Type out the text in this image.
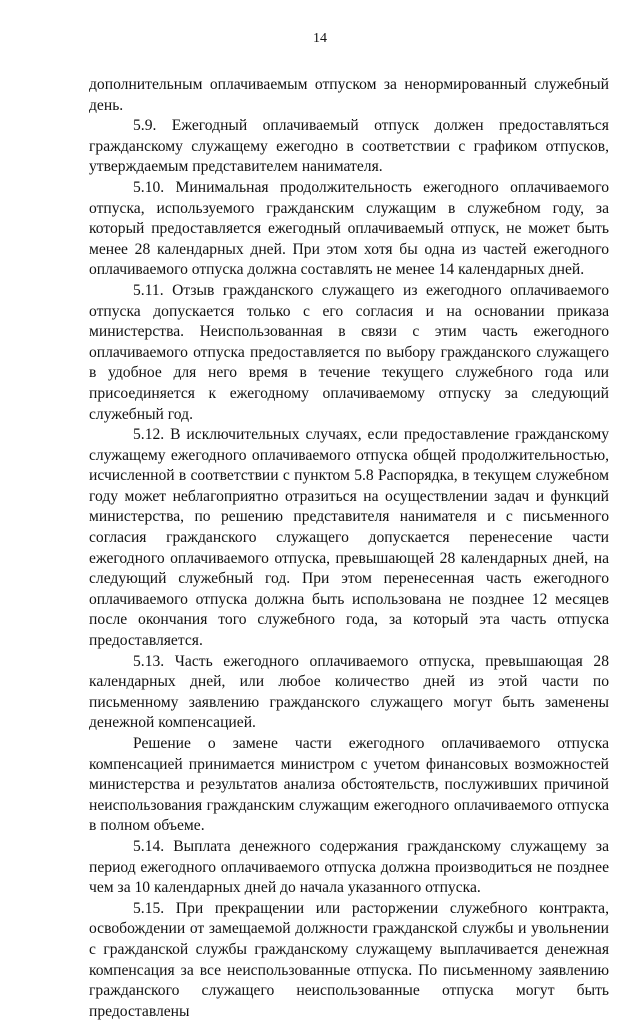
14

дополнительным оплачиваемым отпуском за ненормированный служебный день.

5.9. Ежегодный оплачиваемый отпуск должен предоставляться гражданскому служащему ежегодно в соответствии с графиком отпусков, утверждаемым представителем нанимателя.

5.10. Минимальная продолжительность ежегодного оплачиваемого отпуска, используемого гражданским служащим в служебном году, за который предоставляется ежегодный оплачиваемый отпуск, не может быть менее 28 календарных дней. При этом хотя бы одна из частей ежегодного оплачиваемого отпуска должна составлять не менее 14 календарных дней.

5.11. Отзыв гражданского служащего из ежегодного оплачиваемого отпуска допускается только с его согласия и на основании приказа министерства. Неиспользованная в связи с этим часть ежегодного оплачиваемого отпуска предоставляется по выбору гражданского служащего в удобное для него время в течение текущего служебного года или присоединяется к ежегодному оплачиваемому отпуску за следующий служебный год.

5.12. В исключительных случаях, если предоставление гражданскому служащему ежегодного оплачиваемого отпуска общей продолжительностью, исчисленной в соответствии с пунктом 5.8 Распорядка, в текущем служебном году может неблагоприятно отразиться на осуществлении задач и функций министерства, по решению представителя нанимателя и с письменного согласия гражданского служащего допускается перенесение части ежегодного оплачиваемого отпуска, превышающей 28 календарных дней, на следующий служебный год. При этом перенесенная часть ежегодного оплачиваемого отпуска должна быть использована не позднее 12 месяцев после окончания того служебного года, за который эта часть отпуска предоставляется.

5.13. Часть ежегодного оплачиваемого отпуска, превышающая 28 календарных дней, или любое количество дней из этой части по письменному заявлению гражданского служащего могут быть заменены денежной компенсацией.

Решение о замене части ежегодного оплачиваемого отпуска компенсацией принимается министром с учетом финансовых возможностей министерства и результатов анализа обстоятельств, послуживших причиной неиспользования гражданским служащим ежегодного оплачиваемого отпуска в полном объеме.

5.14. Выплата денежного содержания гражданскому служащему за период ежегодного оплачиваемого отпуска должна производиться не позднее чем за 10 календарных дней до начала указанного отпуска.

5.15. При прекращении или расторжении служебного контракта, освобождении от замещаемой должности гражданской службы и увольнении с гражданской службы гражданскому служащему выплачивается денежная компенсация за все неиспользованные отпуска. По письменному заявлению гражданского служащего неиспользованные отпуска могут быть предоставлены
